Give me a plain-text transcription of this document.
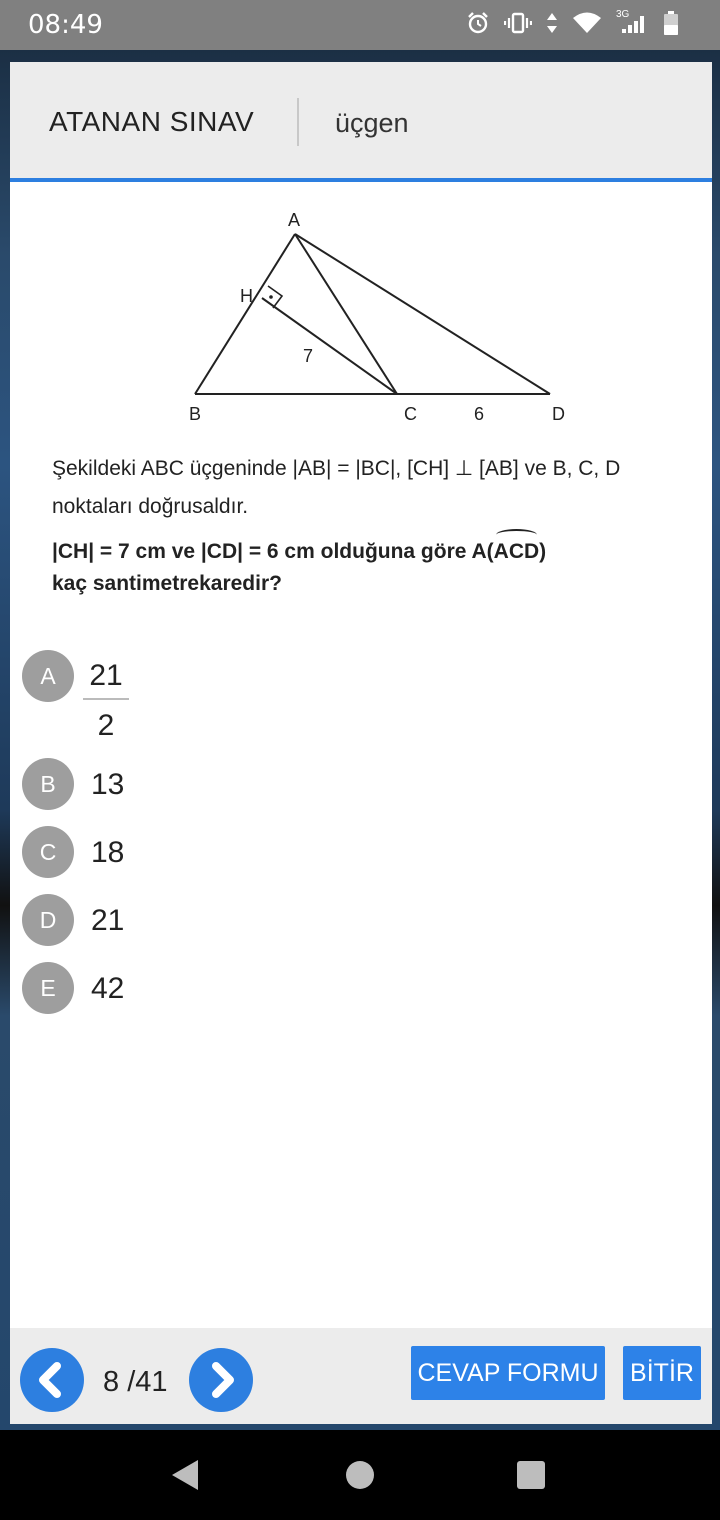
08:49	3G
ATANAN SINAV	üçgen
A
H
7
B	C	6	D

Şekildeki ABC üçgeninde |AB| = |BC|, [CH] ⊥ [AB] ve B, C, D noktaları doğrusaldır.

|CH| = 7 cm ve |CD| = 6 cm olduğuna göre A(ACD)
kaç santimetrekaredir?

A	21
2
B	13
C	18
D	21
E	42
8 /41	CEVAP FORMU BİTİR
